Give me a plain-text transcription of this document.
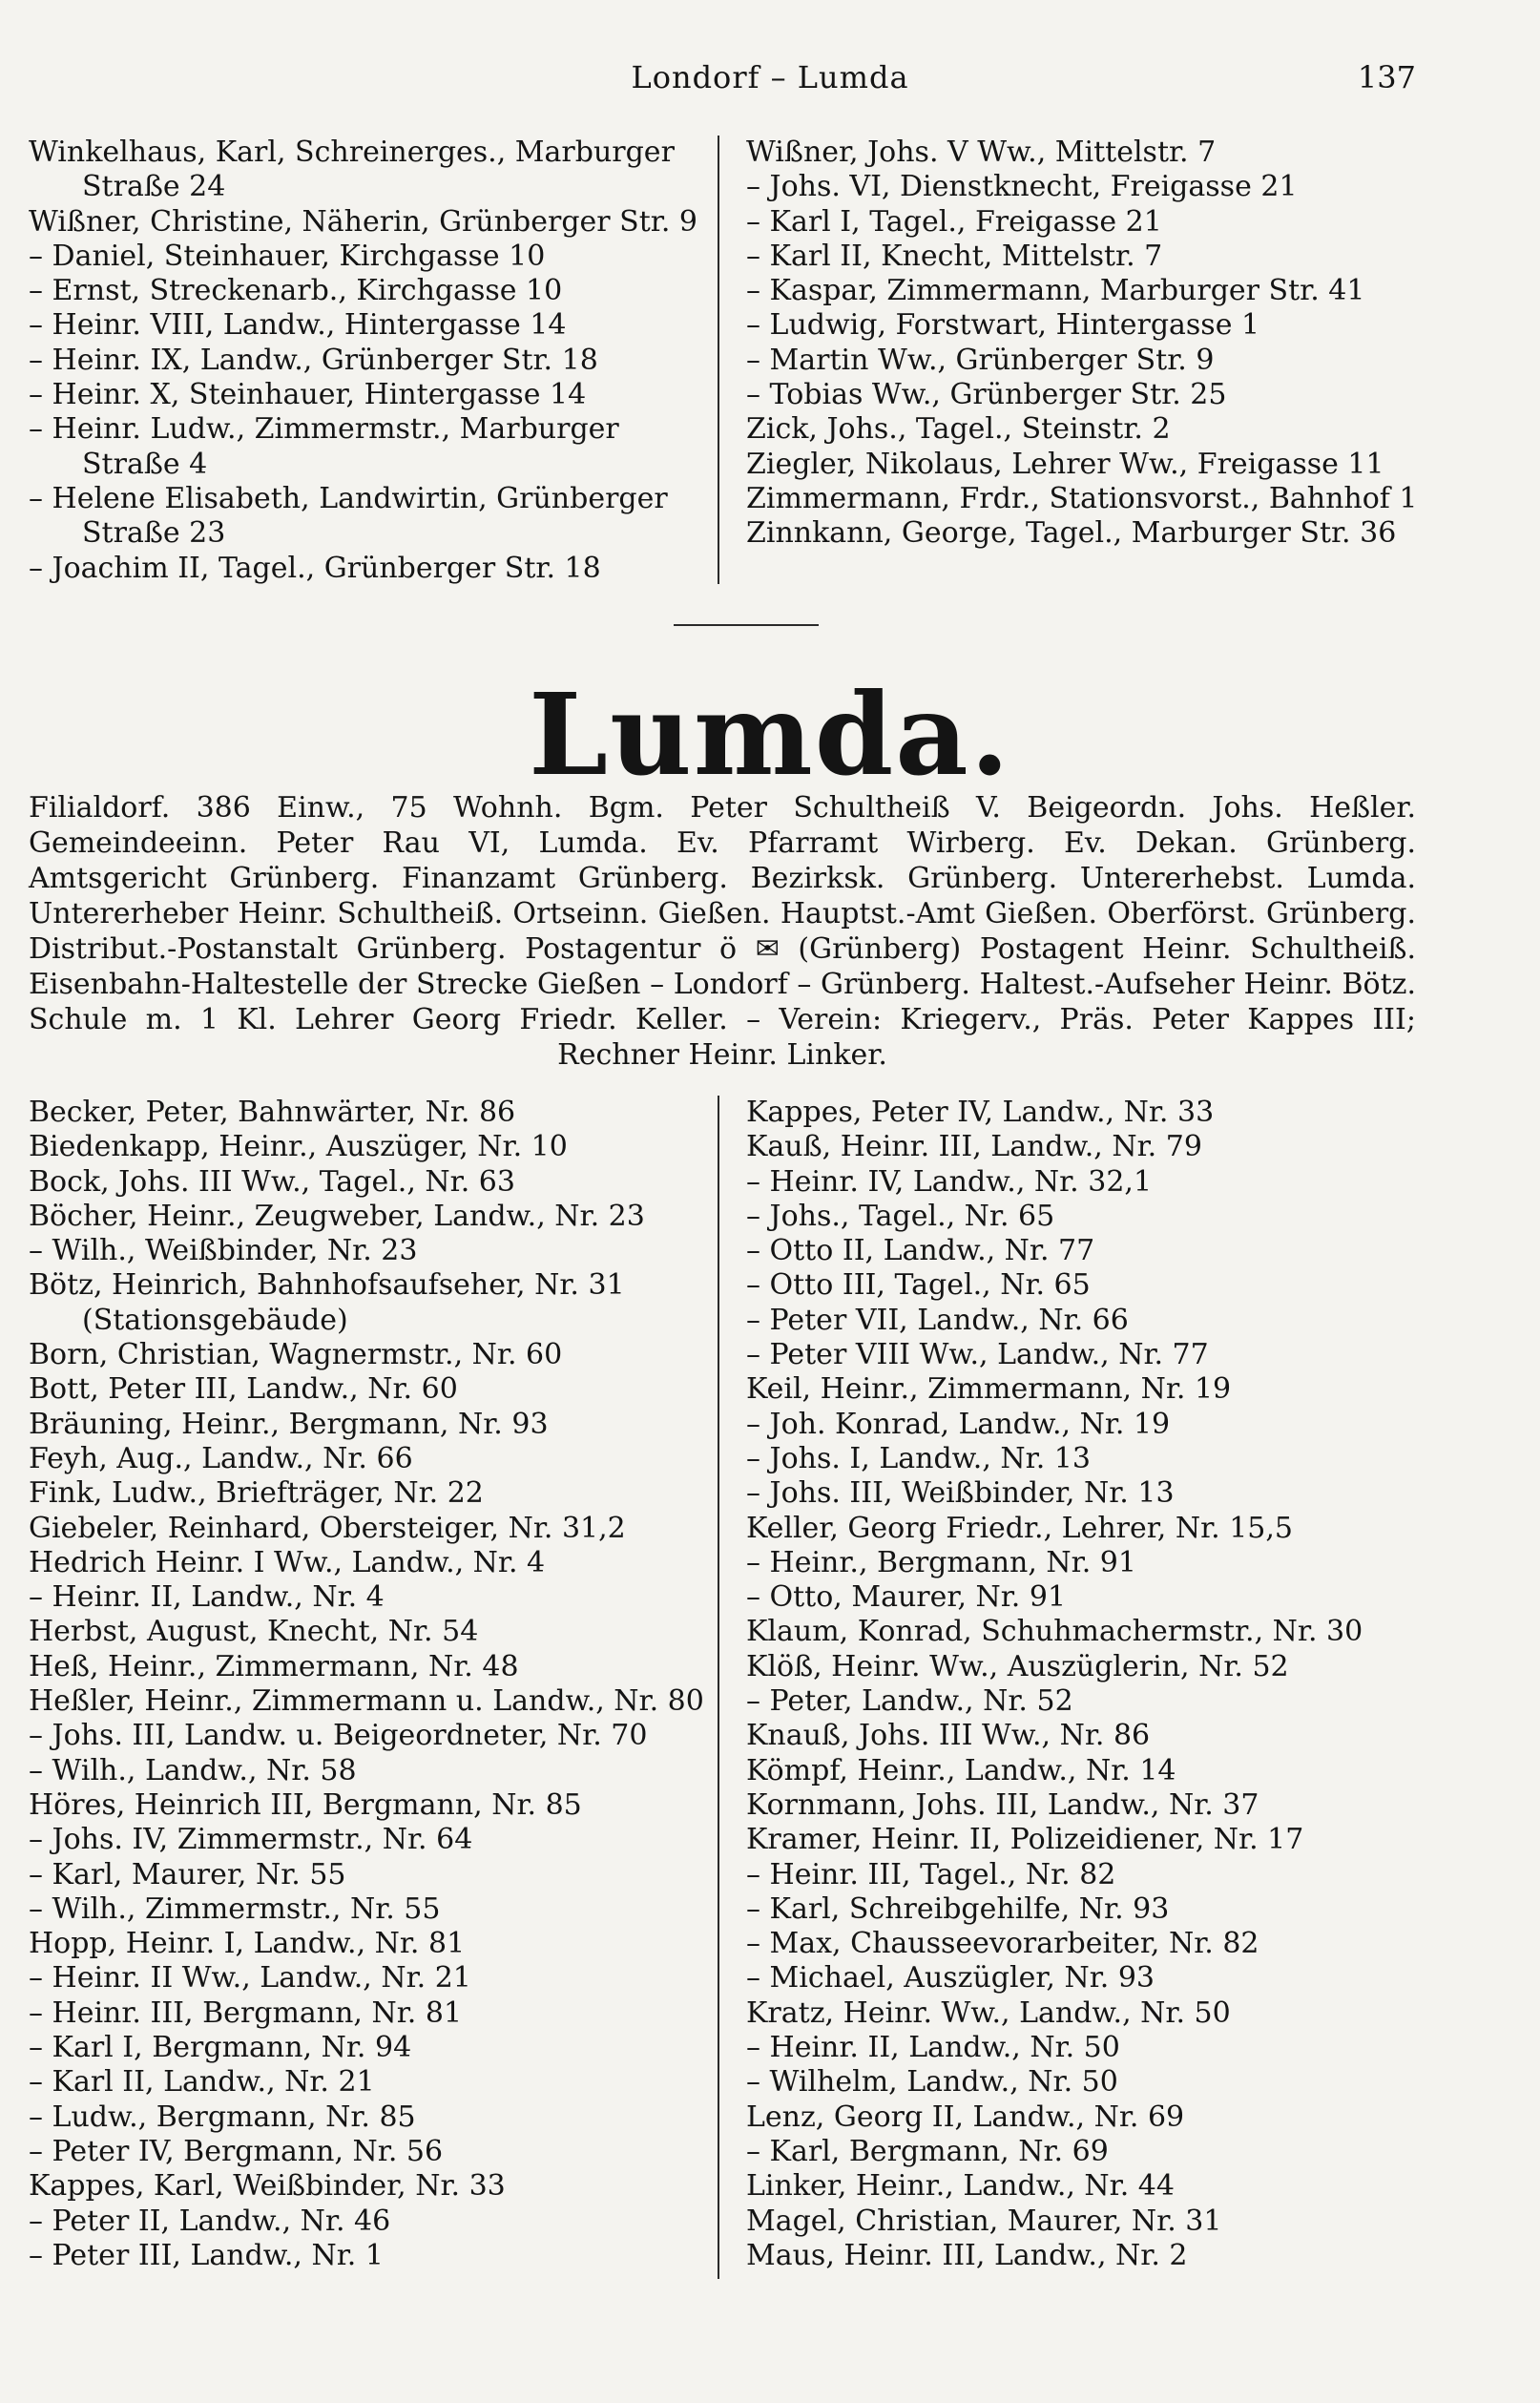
Londorf – Lumda	137
Winkelhaus, Karl, Schreinerges., Marburger
Straße 24
Wißner, Christine, Näherin, Grünberger Str. 9
– Daniel, Steinhauer, Kirchgasse 10
– Ernst, Streckenarb., Kirchgasse 10
– Heinr. VIII, Landw., Hintergasse 14
– Heinr. IX, Landw., Grünberger Str. 18
– Heinr. X, Steinhauer, Hintergasse 14
– Heinr. Ludw., Zimmermstr., Marburger
Straße 4
– Helene Elisabeth, Landwirtin, Grünberger
Straße 23
– Joachim II, Tagel., Grünberger Str. 18
Wißner, Johs. V Ww., Mittelstr. 7
– Johs. VI, Dienstknecht, Freigasse 21
– Karl I, Tagel., Freigasse 21
– Karl II, Knecht, Mittelstr. 7
– Kaspar, Zimmermann, Marburger Str. 41
– Ludwig, Forstwart, Hintergasse 1
– Martin Ww., Grünberger Str. 9
– Tobias Ww., Grünberger Str. 25
Zick, Johs., Tagel., Steinstr. 2
Ziegler, Nikolaus, Lehrer Ww., Freigasse 11
Zimmermann, Frdr., Stationsvorst., Bahnhof 1
Zinnkann, George, Tagel., Marburger Str. 36
Lumda.
Filialdorf. 386 Einw., 75 Wohnh. Bgm. Peter Schultheiß V. Beigeordn. Johs. Heßler.
Gemeindeeinn. Peter Rau VI, Lumda. Ev. Pfarramt Wirberg. Ev. Dekan. Grünberg.
Amtsgericht Grünberg. Finanzamt Grünberg. Bezirksk. Grünberg. Untererhebst. Lumda.
Untererheber Heinr. Schultheiß. Ortseinn. Gießen. Hauptst.-Amt Gießen. Oberförst. Grünberg.
Distribut.-Postanstalt Grünberg. Postagentur ö ✉ (Grünberg) Postagent Heinr. Schultheiß.
Eisenbahn-Haltestelle der Strecke Gießen – Londorf – Grünberg. Haltest.-Aufseher Heinr. Bötz.
Schule m. 1 Kl. Lehrer Georg Friedr. Keller. – Verein: Kriegerv., Präs. Peter Kappes III;
Rechner Heinr. Linker.
Becker, Peter, Bahnwärter, Nr. 86
Biedenkapp, Heinr., Auszüger, Nr. 10
Bock, Johs. III Ww., Tagel., Nr. 63
Böcher, Heinr., Zeugweber, Landw., Nr. 23
– Wilh., Weißbinder, Nr. 23
Bötz, Heinrich, Bahnhofsaufseher, Nr. 31
(Stationsgebäude)
Born, Christian, Wagnermstr., Nr. 60
Bott, Peter III, Landw., Nr. 60
Bräuning, Heinr., Bergmann, Nr. 93
Feyh, Aug., Landw., Nr. 66
Fink, Ludw., Briefträger, Nr. 22
Giebeler, Reinhard, Obersteiger, Nr. 31,2
Hedrich Heinr. I Ww., Landw., Nr. 4
– Heinr. II, Landw., Nr. 4
Herbst, August, Knecht, Nr. 54
Heß, Heinr., Zimmermann, Nr. 48
Heßler, Heinr., Zimmermann u. Landw., Nr. 80
– Johs. III, Landw. u. Beigeordneter, Nr. 70
– Wilh., Landw., Nr. 58
Höres, Heinrich III, Bergmann, Nr. 85
– Johs. IV, Zimmermstr., Nr. 64
– Karl, Maurer, Nr. 55
– Wilh., Zimmermstr., Nr. 55
Hopp, Heinr. I, Landw., Nr. 81
– Heinr. II Ww., Landw., Nr. 21
– Heinr. III, Bergmann, Nr. 81
– Karl I, Bergmann, Nr. 94
– Karl II, Landw., Nr. 21
– Ludw., Bergmann, Nr. 85
– Peter IV, Bergmann, Nr. 56
Kappes, Karl, Weißbinder, Nr. 33
– Peter II, Landw., Nr. 46
– Peter III, Landw., Nr. 1
Kappes, Peter IV, Landw., Nr. 33
Kauß, Heinr. III, Landw., Nr. 79
– Heinr. IV, Landw., Nr. 32,1
– Johs., Tagel., Nr. 65
– Otto II, Landw., Nr. 77
– Otto III, Tagel., Nr. 65
– Peter VII, Landw., Nr. 66
– Peter VIII Ww., Landw., Nr. 77
Keil, Heinr., Zimmermann, Nr. 19
– Joh. Konrad, Landw., Nr. 19
– Johs. I, Landw., Nr. 13
– Johs. III, Weißbinder, Nr. 13
Keller, Georg Friedr., Lehrer, Nr. 15,5
– Heinr., Bergmann, Nr. 91
– Otto, Maurer, Nr. 91
Klaum, Konrad, Schuhmachermstr., Nr. 30
Klöß, Heinr. Ww., Auszüglerin, Nr. 52
– Peter, Landw., Nr. 52
Knauß, Johs. III Ww., Nr. 86
Kömpf, Heinr., Landw., Nr. 14
Kornmann, Johs. III, Landw., Nr. 37
Kramer, Heinr. II, Polizeidiener, Nr. 17
– Heinr. III, Tagel., Nr. 82
– Karl, Schreibgehilfe, Nr. 93
– Max, Chausseevorarbeiter, Nr. 82
– Michael, Auszügler, Nr. 93
Kratz, Heinr. Ww., Landw., Nr. 50
– Heinr. II, Landw., Nr. 50
– Wilhelm, Landw., Nr. 50
Lenz, Georg II, Landw., Nr. 69
– Karl, Bergmann, Nr. 69
Linker, Heinr., Landw., Nr. 44
Magel, Christian, Maurer, Nr. 31
Maus, Heinr. III, Landw., Nr. 2
